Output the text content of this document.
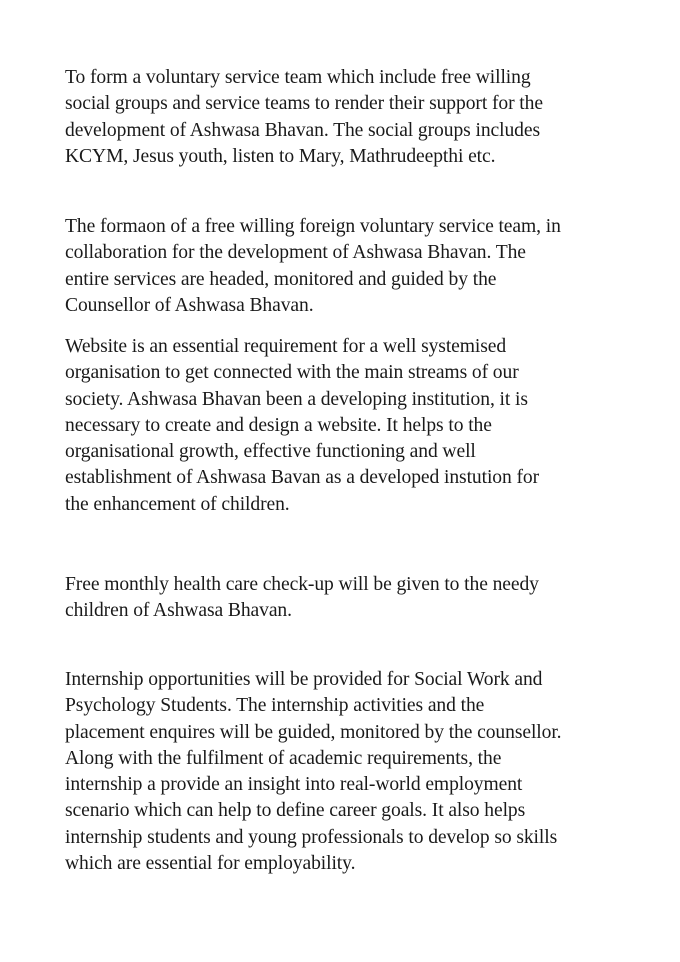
To form a voluntary service team which include free willing
social groups and service teams to render their support for the
development of Ashwasa Bhavan. The social groups includes
KCYM, Jesus youth, listen to Mary, Mathrudeepthi etc.

The formaon of a free willing foreign voluntary service team, in
collaboration for the development of Ashwasa Bhavan. The
entire services are headed, monitored and guided by the
Counsellor of Ashwasa Bhavan.

Website is an essential requirement for a well systemised
organisation to get connected with the main streams of our
society. Ashwasa Bhavan been a developing institution, it is
necessary to create and design a website. It helps to the
organisational growth, effective functioning and well
establishment of Ashwasa Bavan as a developed instution for
the enhancement of children.

Free monthly health care check-up will be given to the needy
children of Ashwasa Bhavan.

Internship opportunities will be provided for Social Work and
Psychology Students. The internship activities and the
placement enquires will be guided, monitored by the counsellor.
Along with the fulfilment of academic requirements, the
internship a provide an insight into real-world employment
scenario which can help to define career goals. It also helps
internship students and young professionals to develop so skills
which are essential for employability.
